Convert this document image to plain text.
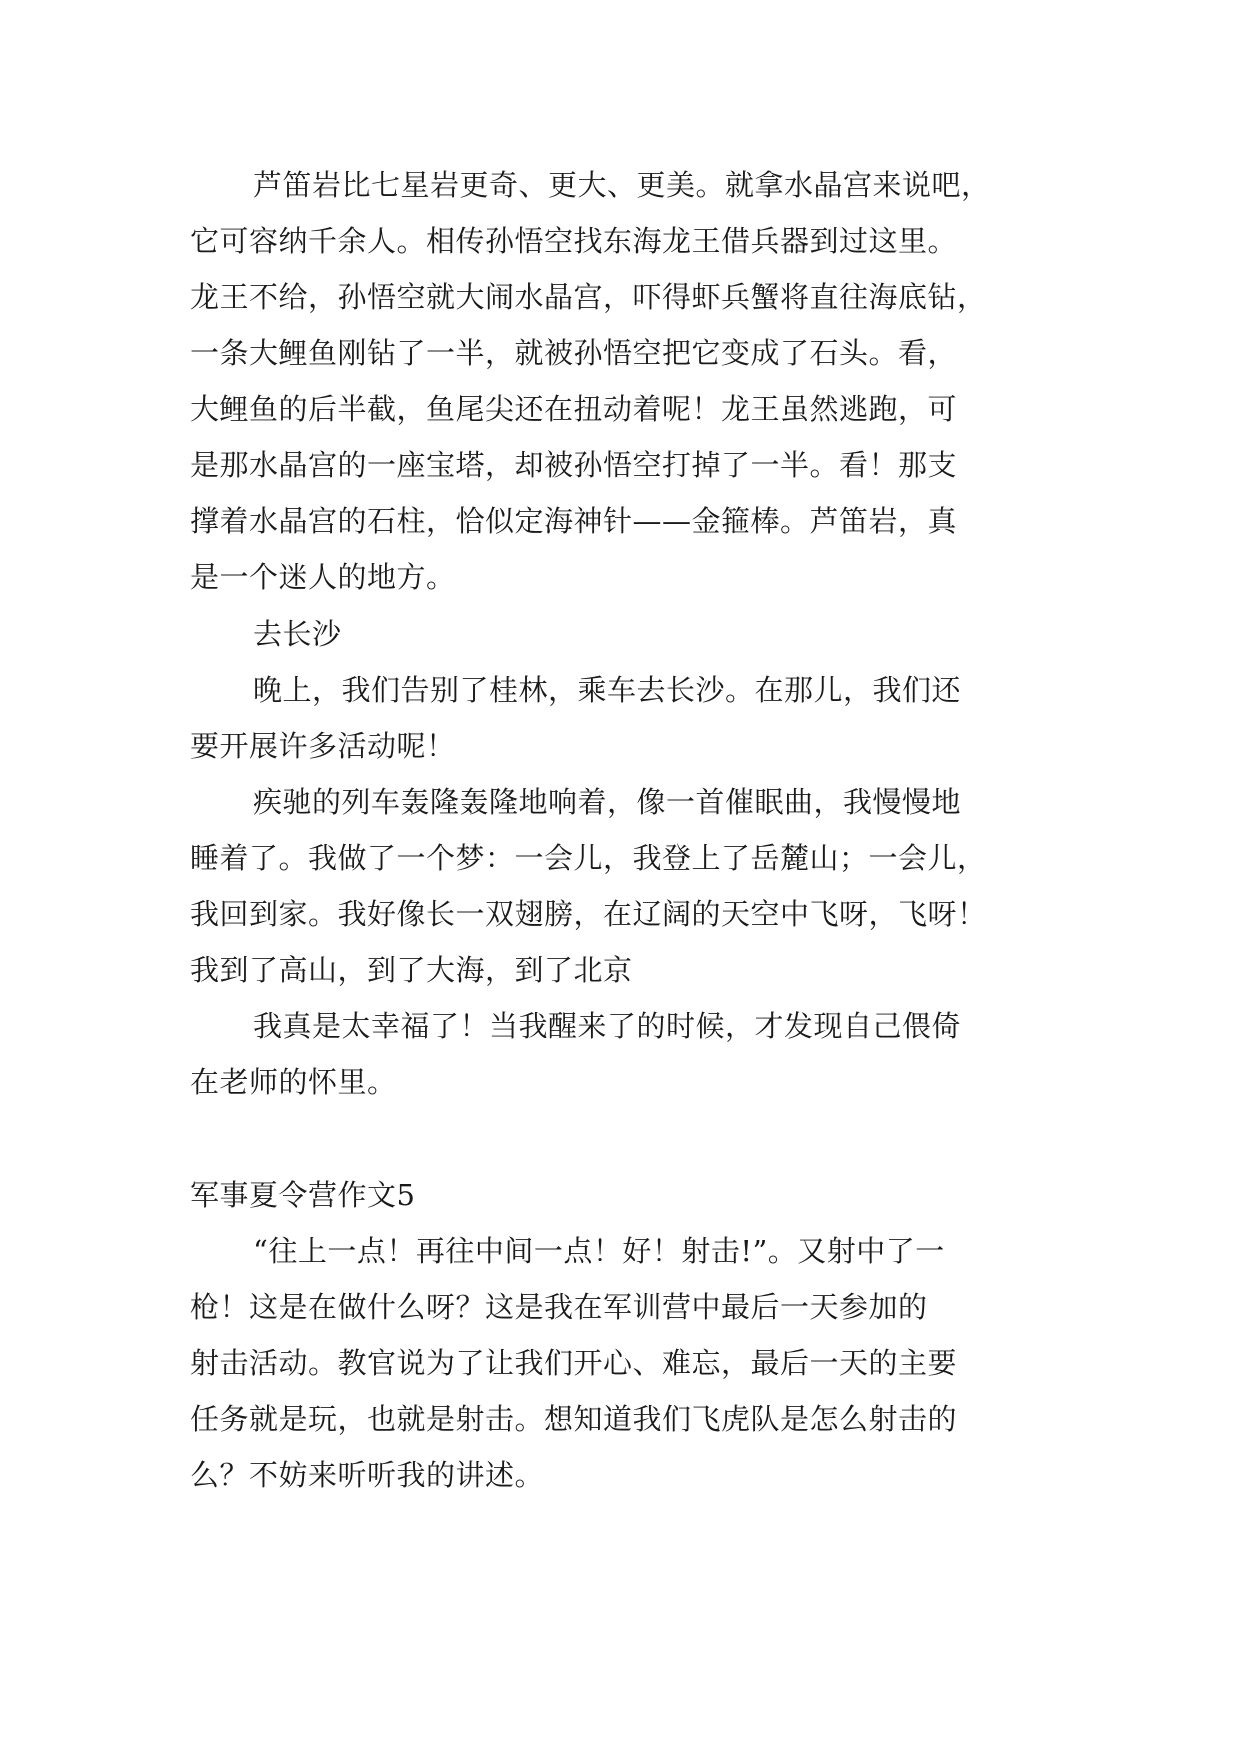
芦笛岩比七星岩更奇、更大、更美。就拿水晶宫来说吧，

它可容纳千余人。相传孙悟空找东海龙王借兵器到过这里。

龙王不给，孙悟空就大闹水晶宫，吓得虾兵蟹将直往海底钻，

一条大鲤鱼刚钻了一半，就被孙悟空把它变成了石头。看，

大鲤鱼的后半截，鱼尾尖还在扭动着呢！龙王虽然逃跑，可

是那水晶宫的一座宝塔，却被孙悟空打掉了一半。看！那支

撑着水晶宫的石柱，恰似定海神针——金箍棒。芦笛岩，真

是一个迷人的地方。

去长沙

晚上，我们告别了桂林，乘车去长沙。在那儿，我们还

要开展许多活动呢！

疾驰的列车轰隆轰隆地响着，像一首催眠曲，我慢慢地

睡着了。我做了一个梦：一会儿，我登上了岳麓山；一会儿，

我回到家。我好像长一双翅膀，在辽阔的天空中飞呀，飞呀！

我到了高山，到了大海，到了北京

我真是太幸福了！当我醒来了的时候，才发现自己偎倚

在老师的怀里。

军事夏令营作文5

“往上一点！再往中间一点！好！射击!”。又射中了一

枪！这是在做什么呀？这是我在军训营中最后一天参加的

射击活动。教官说为了让我们开心、难忘，最后一天的主要

任务就是玩，也就是射击。想知道我们飞虎队是怎么射击的

么？不妨来听听我的讲述。
